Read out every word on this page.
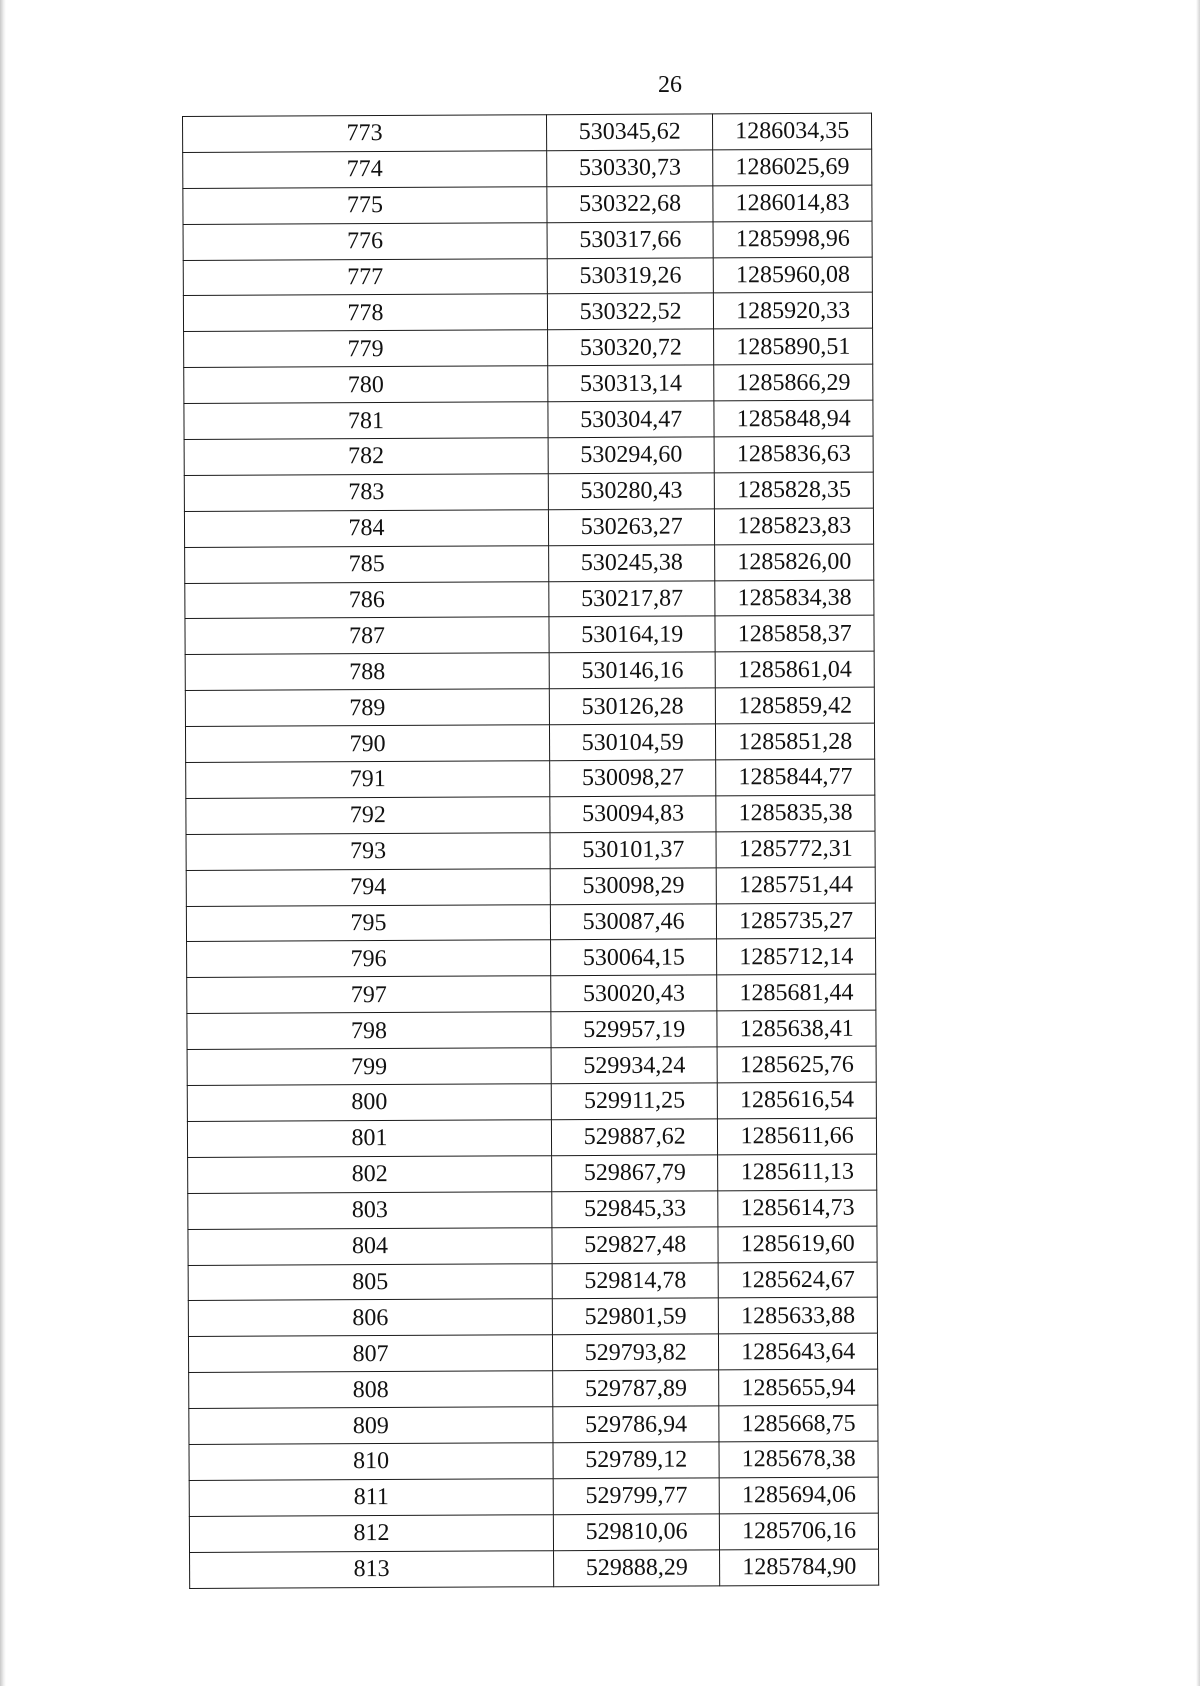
26
773	530345,62	1286034,35
774	530330,73	1286025,69
775	530322,68	1286014,83
776	530317,66	1285998,96
777	530319,26	1285960,08
778	530322,52	1285920,33
779	530320,72	1285890,51
780	530313,14	1285866,29
781	530304,47	1285848,94
782	530294,60	1285836,63
783	530280,43	1285828,35
784	530263,27	1285823,83
785	530245,38	1285826,00
786	530217,87	1285834,38
787	530164,19	1285858,37
788	530146,16	1285861,04
789	530126,28	1285859,42
790	530104,59	1285851,28
791	530098,27	1285844,77
792	530094,83	1285835,38
793	530101,37	1285772,31
794	530098,29	1285751,44
795	530087,46	1285735,27
796	530064,15	1285712,14
797	530020,43	1285681,44
798	529957,19	1285638,41
799	529934,24	1285625,76
800	529911,25	1285616,54
801	529887,62	1285611,66
802	529867,79	1285611,13
803	529845,33	1285614,73
804	529827,48	1285619,60
805	529814,78	1285624,67
806	529801,59	1285633,88
807	529793,82	1285643,64
808	529787,89	1285655,94
809	529786,94	1285668,75
810	529789,12	1285678,38
811	529799,77	1285694,06
812	529810,06	1285706,16
813	529888,29	1285784,90
